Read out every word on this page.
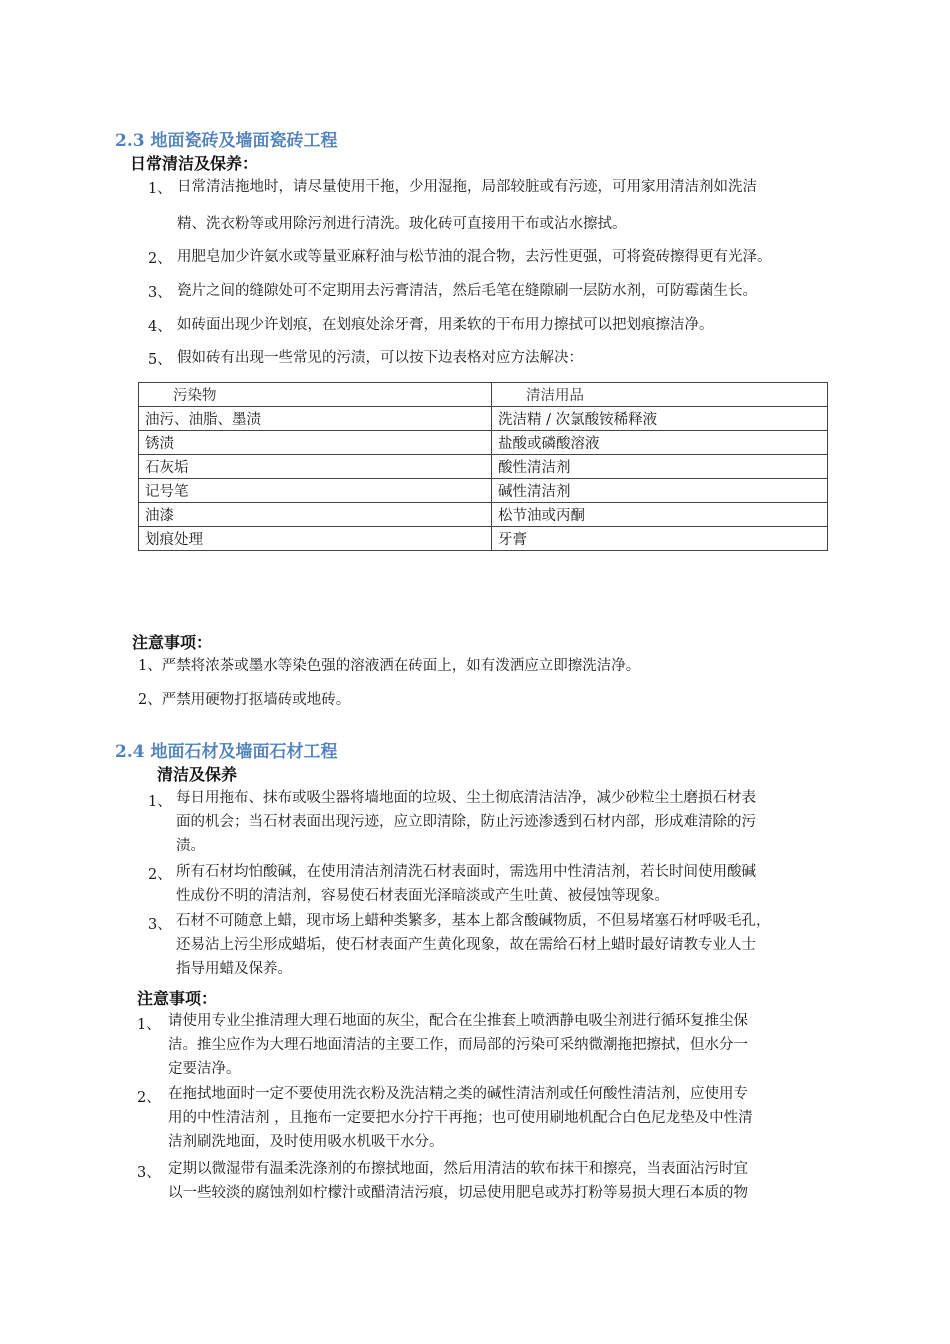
2.3 地面瓷砖及墙面瓷砖工程
日常清洁及保养：
1、 日常清洁拖地时，请尽量使用干拖，少用湿拖，局部较脏或有污迹，可用家用清洁剂如洗洁
精、洗衣粉等或用除污剂进行清洗。玻化砖可直接用干布或沾水擦拭。
2、 用肥皂加少许氨水或等量亚麻籽油与松节油的混合物，去污性更强，可将瓷砖擦得更有光泽。
3、 瓷片之间的缝隙处可不定期用去污膏清洁，然后毛笔在缝隙刷一层防水剂，可防霉菌生长。
4、 如砖面出现少许划痕，在划痕处涂牙膏，用柔软的干布用力擦拭可以把划痕擦洁净。
5、 假如砖有出现一些常见的污渍，可以按下边表格对应方法解决：
污染物	清洁用品
油污、油脂、墨渍	洗洁精 / 次氯酸铵稀释液
锈渍	盐酸或磷酸溶液
石灰垢	酸性清洁剂
记号笔	碱性清洁剂
油漆	松节油或丙酮
划痕处理	牙膏
注意事项：
1、严禁将浓茶或墨水等染色强的溶液洒在砖面上，如有泼洒应立即擦洗洁净。
2、严禁用硬物打抠墙砖或地砖。
2.4 地面石材及墙面石材工程
清洁及保养
1、 每日用拖布、抹布或吸尘器将墙地面的垃圾、尘土彻底清洁洁净，减少砂粒尘土磨损石材表
面的机会；当石材表面出现污迹，应立即清除，防止污迹渗透到石材内部，形成难清除的污
渍。
2、 所有石材均怕酸碱，在使用清洁剂清洗石材表面时，需选用中性清洁剂，若长时间使用酸碱
性成份不明的清洁剂，容易使石材表面光泽暗淡或产生吐黄、被侵蚀等现象。
3、 石材不可随意上蜡，现市场上蜡种类繁多，基本上都含酸碱物质，不但易堵塞石材呼吸毛孔，
还易沾上污尘形成蜡垢，使石材表面产生黄化现象，故在需给石材上蜡时最好请教专业人士
指导用蜡及保养。
注意事项：
1、 请使用专业尘推清理大理石地面的灰尘，配合在尘推套上喷洒静电吸尘剂进行循环复推尘保
洁。推尘应作为大理石地面清洁的主要工作，而局部的污染可采纳微潮拖把擦拭，但水分一
定要洁净。
2、 在拖拭地面时一定不要使用洗衣粉及洗洁精之类的碱性清洁剂或任何酸性清洁剂，应使用专
用的中性清洁剂 ，且拖布一定要把水分拧干再拖；也可使用刷地机配合白色尼龙垫及中性清
洁剂刷洗地面，及时使用吸水机吸干水分。
3、 定期以微湿带有温柔洗涤剂的布擦拭地面，然后用清洁的软布抹干和擦亮，当表面沾污时宜
以一些较淡的腐蚀剂如柠檬汁或醋清洁污痕，切忌使用肥皂或苏打粉等易损大理石本质的物
